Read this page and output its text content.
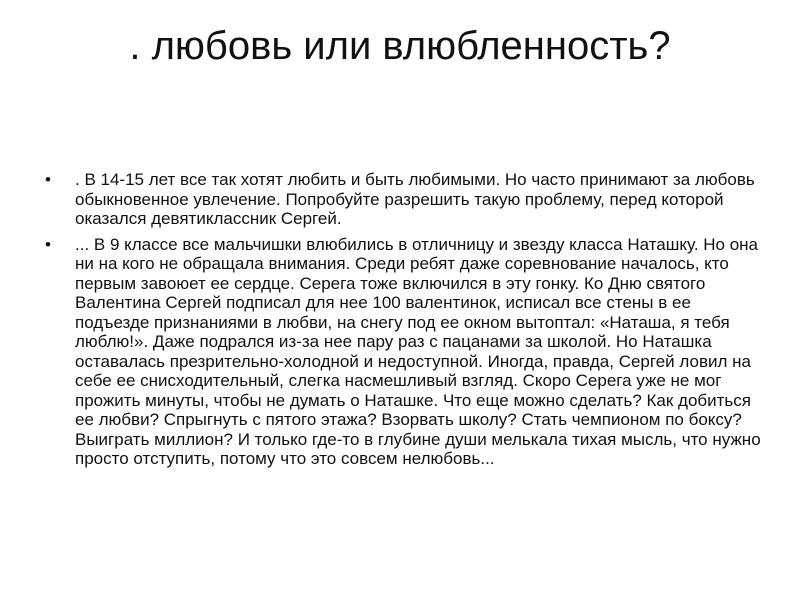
. любовь или влюбленность?
• . В 14-15 лет все так хотят любить и быть любимыми. Но часто принимают за любовь обыкновенное увлечение. Попробуйте разрешить такую проблему, перед которой оказался девятиклассник Сергей.
• ... В 9 классе все мальчишки влюбились в отличницу и звезду класса Наташку. Но она ни на кого не обращала внимания. Среди ребят даже соревнование началось, кто первым завоюет ее сердце. Серега тоже включился в эту гонку. Ко Дню святого Валентина Сергей подписал для нее 100 валентинок, исписал все стены в ее подъезде признаниями в любви, на снегу под ее окном вытоптал: «Наташа, я тебя люблю!». Даже подрался из-за нее пару раз с пацанами за школой. Но Наташка оставалась презрительно-холодной и недоступной. Иногда, правда, Сергей ловил на себе ее снисходительный, слегка насмешливый взгляд. Скоро Серега уже не мог прожить минуты, чтобы не думать о Наташке. Что еще можно сделать? Как добиться ее любви? Спрыгнуть с пятого этажа? Взорвать школу? Стать чемпионом по боксу? Выиграть миллион? И только где-то в глубине души мелькала тихая мысль, что нужно просто отступить, потому что это совсем нелюбовь...
